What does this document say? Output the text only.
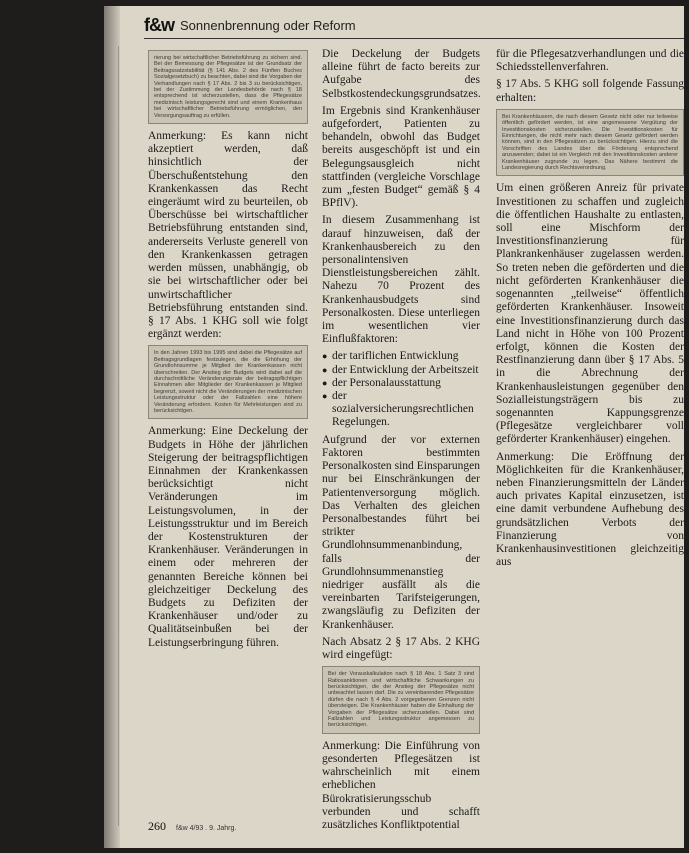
f&w Sonnenbrennung oder Reform

rierung bei wirtschaftlicher Betriebsführung zu sichern sind. Bei der Bemessung der Pflegesätze ist der Grundsatz der Beitragssatzstabilität (§ 141 Abs. 2 des Fünften Buches Sozialgesetzbuch) zu beachten, dabei sind die Vorgaben der Verhandlungen nach § 17 Abs. 2 bis 3 zu berücksichtigen, bei der Zustimmung der Landesbehörde nach § 18 entsprechend ist sicherzustellen, dass die Pflegesätze medizinisch leistungsgerecht sind und einem Krankenhaus bei wirtschaftlicher Betriebsführung ermöglichen, den Versorgungsauftrag zu erfüllen.

Anmerkung: Es kann nicht akzeptiert werden, daß hinsichtlich der Überschußentstehung den Krankenkassen das Recht eingeräumt wird zu beurteilen, ob Überschüsse bei wirtschaftlicher Betriebsführung entstanden sind, andererseits Verluste generell von den Krankenkassen getragen werden müssen, unabhängig, ob sie bei wirtschaftlicher oder bei unwirtschaftlicher Betriebsführung entstanden sind. § 17 Abs. 1 KHG soll wie folgt ergänzt werden:

In den Jahren 1993 bis 1995 sind dabei die Pflegesätze auf Beitragsgrundlagen festzulegen, die die Erhöhung der Grundlohnsumme je Mitglied der Krankenkassen nicht überschreiten. Der Anstieg der Budgets wird dabei auf die durchschnittliche Veränderungsrate der beitragspflichtigen Einnahmen aller Mitglieder der Krankenkassen je Mitglied begrenzt, soweit nicht die Veränderungen der medizinischen Leistungsstruktur oder der Fallzahlen eine höhere Veränderung erfordern. Kosten für Mehrleistungen sind zu berücksichtigen.

Anmerkung: Eine Deckelung der Budgets in Höhe der jährlichen Steigerung der beitragspflichtigen Einnahmen der Krankenkassen berücksichtigt nicht Veränderungen im Leistungsvolumen, in der Leistungsstruktur und im Bereich der Kostenstrukturen der Krankenhäuser. Veränderungen in einem oder mehreren der genannten Bereiche können bei gleichzeitiger Deckelung des Budgets zu Defiziten der Krankenhäuser und/oder zu Qualitätseinbußen bei der Leistungserbringung führen.

Die Deckelung der Budgets alleine führt de facto bereits zur Aufgabe des Selbstkostendeckungsgrundsatzes.

Im Ergebnis sind Krankenhäuser aufgefordert, Patienten zu behandeln, obwohl das Budget bereits ausgeschöpft ist und ein Belegungsausgleich nicht stattfinden (vergleiche Vorschlage zum „festen Budget“ gemäß § 4 BPflV).

In diesem Zusammenhang ist darauf hinzuweisen, daß der Krankenhausbereich zu den personalintensiven Dienstleistungsbereichen zählt. Nahezu 70 Prozent des Krankenhausbudgets sind Personalkosten. Diese unterliegen im wesentlichen vier Einflußfaktoren:

● der tariflichen Entwicklung
● der Entwicklung der Arbeitszeit
● der Personalausstattung
● der sozialversicherungsrechtlichen Regelungen.

Aufgrund der vor externen Faktoren bestimmten Personalkosten sind Einsparungen nur bei Einschränkungen der Patientenversorgung möglich. Das Verhalten des gleichen Personalbestandes führt bei strikter Grundlohnsummenanbindung, falls der Grundlohnsummenanstieg niedriger ausfällt als die vereinbarten Tarifsteigerungen, zwangsläufig zu Defiziten der Krankenhäuser.

Nach Absatz 2 § 17 Abs. 2 KHG wird eingefügt:

Bei der Vorauskalkulation nach § 18 Abs. 1 Satz 3 sind Ratiosanktionen und wirtschaftliche Schwankungen zu berücksichtigen, die der Anstieg der Pflegesätze nicht unbeachtet lassen darf. Die zu vereinbarenden Pflegesätze dürfen die nach § 4 Abs. 2 vorgegebenen Grenzen nicht übersteigen. Die Krankenhäuser haben die Einhaltung der Vorgaben der Pflegesätze sicherzustellen. Dabei sind Fallzahlen und Leistungsstruktur angemessen zu berücksichtigen.

Anmerkung: Die Einführung von gesonderten Pflegesätzen ist wahrscheinlich mit einem erheblichen Bürokratisierungsschub verbunden und schafft zusätzliches Konfliktpotential

für die Pflegesatzverhandlungen und die Schiedsstellenverfahren.

§ 17 Abs. 5 KHG soll folgende Fassung erhalten:

Bei Krankenhäusern, die nach diesem Gesetz nicht oder nur teilweise öffentlich gefördert werden, ist eine angemessene Vergütung der Investitionskosten sicherzustellen. Die Investitionskosten für Einrichtungen, die nicht mehr nach diesem Gesetz gefördert werden können, sind in den Pflegesätzen zu berücksichtigen. Hierzu sind die Vorschriften des Landes über die Förderung entsprechend anzuwenden; dabei ist ein Vergleich mit den Investitionskosten anderer Krankenhäuser zugrunde zu legen. Das Nähere bestimmt die Landesregierung durch Rechtsverordnung.

Um einen größeren Anreiz für private Investitionen zu schaffen und zugleich die öffentlichen Haushalte zu entlasten, soll eine Mischform der Investitionsfinanzierung für Plankrankenhäuser zugelassen werden. So treten neben die geförderten und die nicht geförderten Krankenhäuser die sogenannten „teilweise“ öffentlich geförderten Krankenhäuser. Insoweit eine Investitionsfinanzierung durch das Land nicht in Höhe von 100 Prozent erfolgt, können die Kosten der Restfinanzierung dann über § 17 Abs. 5 in die Abrechnung der Krankenhausleistungen gegenüber den Sozialleistungsträgern bis zu sogenannten Kappungsgrenze (Pflegesätze vergleichbarer voll geförderter Krankenhäuser) eingehen.

Anmerkung: Die Eröffnung der Möglichkeiten für die Krankenhäuser, neben Finanzierungsmitteln der Länder auch privates Kapital einzusetzen, ist eine damit verbundene Aufhebung des grundsätzlichen Verbots der Finanzierung von Krankenhausinvestitionen gleichzeitig aus

260 f&w 4/93 . 9. Jahrg.
